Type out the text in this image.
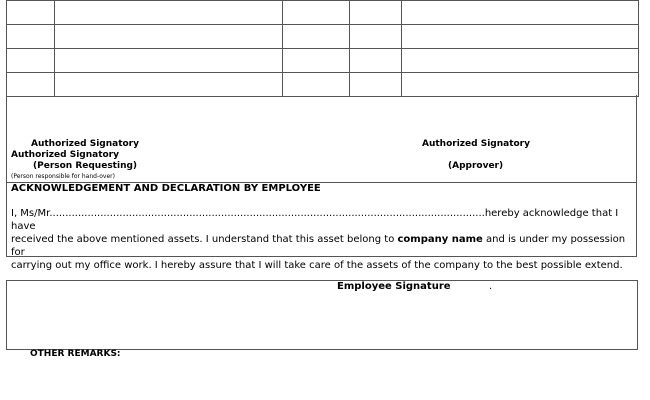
Authorized Signatory
Authorized Signatory
(Person Requesting)
(Person responsible for hand-over)
Authorized Signatory
(Approver)
ACKNOWLEDGEMENT AND DECLARATION BY EMPLOYEE

I, Ms/Mr.........................................................................................................................................hereby acknowledge that I have

received the above mentioned assets. I understand that this asset belong to company name and is under my possession for

carrying out my office work. I hereby assure that I will take care of the assets of the company to the best possible extend.

Employee Signature	.
OTHER REMARKS:
